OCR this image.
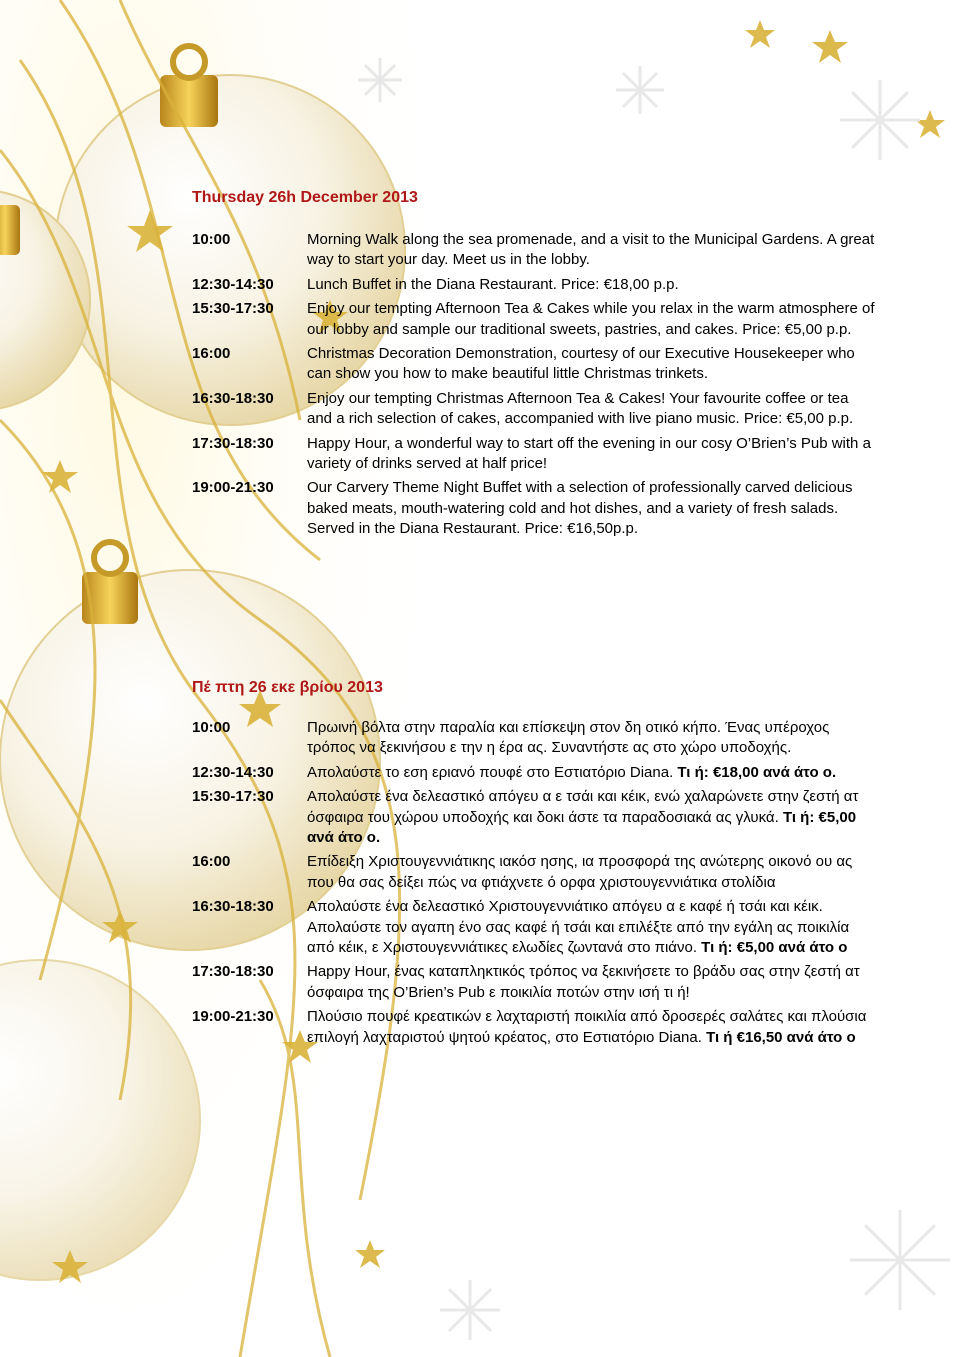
Thursday 26h December 2013
10:00	Morning Walk along the sea promenade, and a visit to the Municipal Gardens. A great way to start your day. Meet us in the lobby.
12:30-14:30	Lunch Buffet in the Diana Restaurant. Price: €18,00 p.p.
15:30-17:30	Enjoy our tempting Afternoon Tea & Cakes while you relax in the warm atmosphere of our lobby and sample our traditional sweets, pastries, and cakes. Price: €5,00 p.p.
16:00	Christmas Decoration Demonstration, courtesy of our Executive Housekeeper who can show you how to make beautiful little Christmas trinkets.
16:30-18:30	Enjoy our tempting Christmas Afternoon Tea & Cakes! Your favourite coffee or tea and a rich selection of cakes, accompanied with live piano music. Price: €5,00 p.p.
17:30-18:30	Happy Hour, a wonderful way to start off the evening in our cosy O’Brien’s Pub with a variety of drinks served at half price!
19:00-21:30	Our Carvery Theme Night Buffet with a selection of professionally carved delicious baked meats, mouth-watering cold and hot dishes, and a variety of fresh salads. Served in the Diana Restaurant. Price: €16,50p.p.
Πέ πτη 26 εκε βρίου 2013
10:00	Πρωινή βόλτα στην παραλία και επίσκεψη στον δη οτικό κήπο. Ένας υπέροχος τρόπος να ξεκινήσου ε την η έρα ας. Συναντήστε ας στο χώρο υποδοχής.
12:30-14:30	Απολαύστε το εση εριανό πουφέ στο Εστιατόριο Diana. Τι ή: €18,00 ανά άτο ο.
15:30-17:30	Απολαύστε ένα δελεαστικό απόγευ α ε τσάι και κέικ, ενώ χαλαρώνετε στην ζεστή ατ όσφαιρα του χώρου υποδοχής και δοκι άστε τα παραδοσιακά ας γλυκά. Τι ή: €5,00 ανά άτο ο.
16:00	Επίδειξη Χριστουγεννιάτικης ιακόσ ησης, ια προσφορά της ανώτερης οικονό ου ας που θα σας δείξει πώς να φτιάχνετε ό ορφα χριστουγεννιάτικα στολίδια
16:30-18:30	Απολαύστε ένα δελεαστικό Χριστουγεννιάτικο απόγευ α ε καφέ ή τσάι και κέικ. Απολαύστε τον αγαπη ένο σας καφέ ή τσάι και επιλέξτε από την εγάλη ας ποικιλία από κέικ, ε Χριστουγεννιάτικες ελωδίες ζωντανά στο πιάνο. Τι ή: €5,00 ανά άτο ο
17:30-18:30	Happy Hour, ένας καταπληκτικός τρόπος να ξεκινήσετε το βράδυ σας στην ζεστή ατ όσφαιρα της O’Brien’s Pub ε ποικιλία ποτών στην ισή τι ή!
19:00-21:30	Πλούσιο πουφέ κρεατικών ε λαχταριστή ποικιλία από δροσερές σαλάτες και πλούσια επιλογή λαχταριστού ψητού κρέατος, στο Εστιατόριο Diana. Τι ή €16,50 ανά άτο ο
